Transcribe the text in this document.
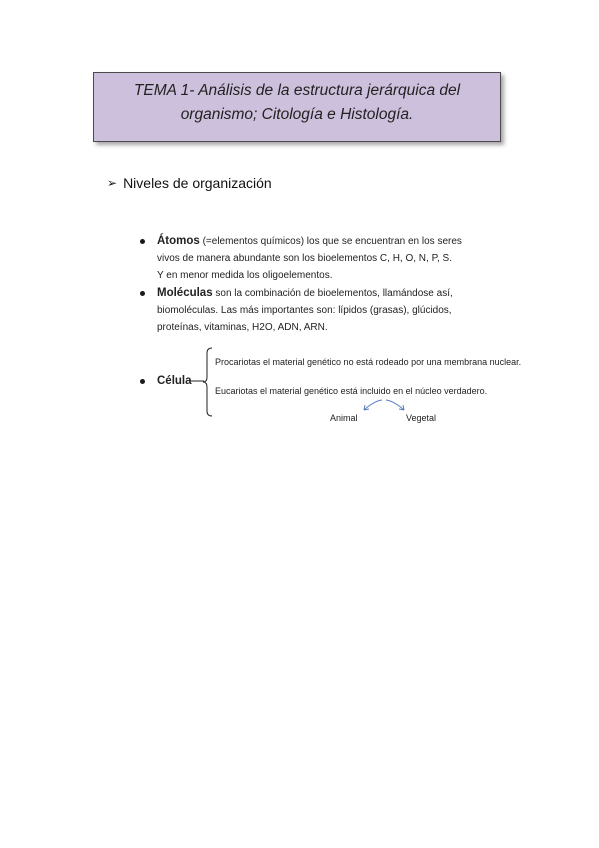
TEMA 1- Análisis de la estructura jerárquica del
organismo; Citología e Histología.
➢ Niveles de organización
Átomos (=elementos químicos) los que se encuentran en los seres
vivos de manera abundante son los bioelementos C, H, O, N, P, S.
Y en menor medida los oligoelementos.
Moléculas son la combinación de bioelementos, llamándose así,
biomoléculas. Las más importantes son: lípidos (grasas), glúcidos,
proteínas, vitaminas, H2O, ADN, ARN.
Célula
Procariotas el material genético no está rodeado por una membrana nuclear.
Eucariotas el material genético está incluido en el núcleo verdadero.
Animal	Vegetal
